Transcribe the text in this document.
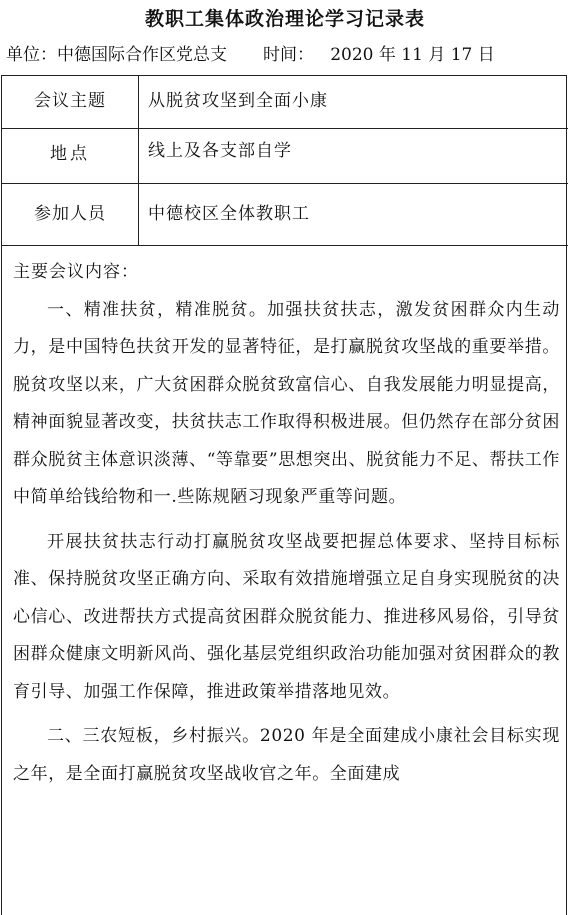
教职工集体政治理论学习记录表
单位：中德国际合作区党总支 时间： 2020 年 11 月 17 日
会议主题	从脱贫攻坚到全面小康
地点	线上及各支部自学
参加人员	中德校区全体教职工

主要会议内容：

一、精准扶贫，精准脱贫。加强扶贫扶志，激发贫困群众内生动力，是中国特色扶贫开发的显著特征，是打赢脱贫攻坚战的重要举措。脱贫攻坚以来，广大贫困群众脱贫致富信心、自我发展能力明显提高，精神面貌显著改变，扶贫扶志工作取得积极进展。但仍然存在部分贫困群众脱贫主体意识淡薄、“等靠要”思想突出、脱贫能力不足、帮扶工作中简单给钱给物和一.些陈规陋习现象严重等问题。

开展扶贫扶志行动打赢脱贫攻坚战要把握总体要求、坚持目标标准、保持脱贫攻坚正确方向、采取有效措施增强立足自身实现脱贫的决心信心、改进帮扶方式提高贫困群众脱贫能力、推进移风易俗，引导贫困群众健康文明新风尚、强化基层党组织政治功能加强对贫困群众的教育引导、加强工作保障，推进政策举措落地见效。

二、三农短板，乡村振兴。2020 年是全面建成小康社会目标实现之年，是全面打赢脱贫攻坚战收官之年。全面建成
